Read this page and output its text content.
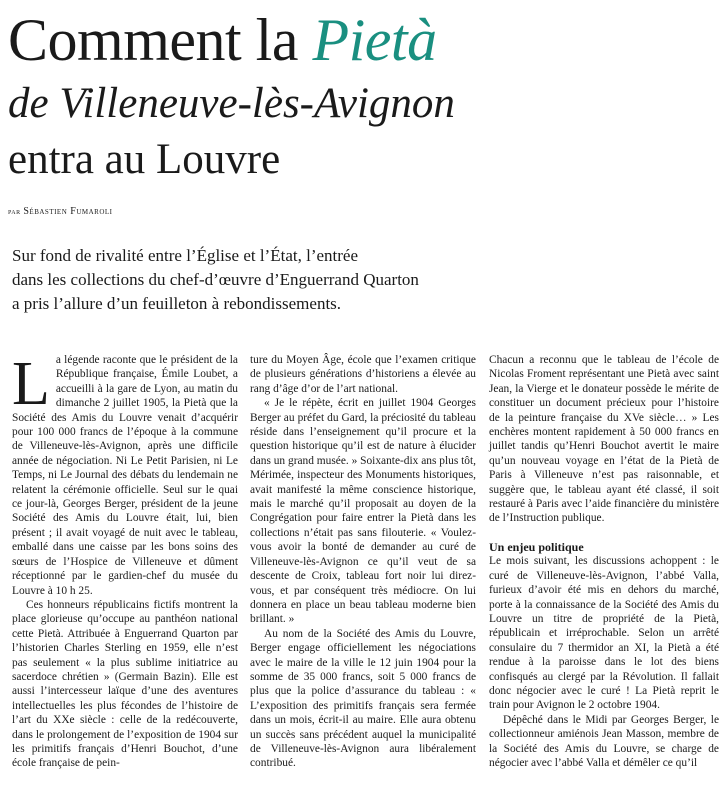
Comment la Pietà
de Villeneuve-lès-Avignon
entra au Louvre
par Sébastien Fumaroli
Sur fond de rivalité entre l’Église et l’État, l’entrée
dans les collections du chef-d’œuvre d’Enguerrand Quarton
a pris l’allure d’un feuilleton à rebondissements.

La légende raconte que le président de la République française, Émile Loubet, a accueilli à la gare de Lyon, au matin du dimanche 2 juillet 1905, la Pietà que la Société des Amis du Louvre venait d’acquérir pour 100 000 francs de l’époque à la commune de Villeneuve-lès-Avignon, après une difficile année de négociation. Ni Le Petit Parisien, ni Le Temps, ni Le Journal des débats du lendemain ne relatent la cérémonie officielle. Seul sur le quai ce jour-là, Georges Berger, président de la jeune Société des Amis du Louvre était, lui, bien présent ; il avait voyagé de nuit avec le tableau, emballé dans une caisse par les bons soins des sœurs de l’Hospice de Villeneuve et dûment réceptionné par le gardien-chef du musée du Louvre à 10 h 25.

Ces honneurs républicains fictifs montrent la place glorieuse qu’occupe au panthéon national cette Pietà. Attribuée à Enguerrand Quarton par l’historien Charles Sterling en 1959, elle n’est pas seulement « la plus sublime initiatrice au sacerdoce chrétien » (Germain Bazin). Elle est aussi l’intercesseur laïque d’une des aventures intellectuelles les plus fécondes de l’histoire de l’art du XXe siècle : celle de la redécouverte, dans le prolongement de l’exposition de 1904 sur les primitifs français d’Henri Bouchot, d’une école française de pein-

ture du Moyen Âge, école que l’examen critique de plusieurs générations d’historiens a élevée au rang d’âge d’or de l’art national.

« Je le répète, écrit en juillet 1904 Georges Berger au préfet du Gard, la préciosité du tableau réside dans l’enseignement qu’il procure et la question historique qu’il est de nature à élucider dans un grand musée. » Soixante-dix ans plus tôt, Mérimée, inspecteur des Monuments historiques, avait manifesté la même conscience historique, mais le marché qu’il proposait au doyen de la Congrégation pour faire entrer la Pietà dans les collections n’était pas sans filouterie. « Voulez-vous avoir la bonté de demander au curé de Villeneuve-lès-Avignon ce qu’il veut de sa descente de Croix, tableau fort noir lui direz-vous, et par conséquent très médiocre. On lui donnera en place un beau tableau moderne bien brillant. »

Au nom de la Société des Amis du Louvre, Berger engage officiellement les négociations avec le maire de la ville le 12 juin 1904 pour la somme de 35 000 francs, soit 5 000 francs de plus que la police d’assurance du tableau : « L’exposition des primitifs français sera fermée dans un mois, écrit-il au maire. Elle aura obtenu un succès sans précédent auquel la municipalité de Villeneuve-lès-Avignon aura libéralement contribué.

Chacun a reconnu que le tableau de l’école de Nicolas Froment représentant une Pietà avec saint Jean, la Vierge et le donateur possède le mérite de constituer un document précieux pour l’histoire de la peinture française du XVe siècle… » Les enchères montent rapidement à 50 000 francs en juillet tandis qu’Henri Bouchot avertit le maire qu’un nouveau voyage en l’état de la Pietà de Paris à Villeneuve n’est pas raisonnable, et suggère que, le tableau ayant été classé, il soit restauré à Paris avec l’aide financière du ministère de l’Instruction publique.

Un enjeu politique

Le mois suivant, les discussions achoppent : le curé de Villeneuve-lès-Avignon, l’abbé Valla, furieux d’avoir été mis en dehors du marché, porte à la connaissance de la Société des Amis du Louvre un titre de propriété de la Pietà, républicain et irréprochable. Selon un arrêté consulaire du 7 thermidor an XI, la Pietà a été rendue à la paroisse dans le lot des biens confisqués au clergé par la Révolution. Il fallait donc négocier avec le curé ! La Pietà reprit le train pour Avignon le 2 octobre 1904.

Dépêché dans le Midi par Georges Berger, le collectionneur amiénois Jean Masson, membre de la Société des Amis du Louvre, se charge de négocier avec l’abbé Valla et démêler ce qu’il
